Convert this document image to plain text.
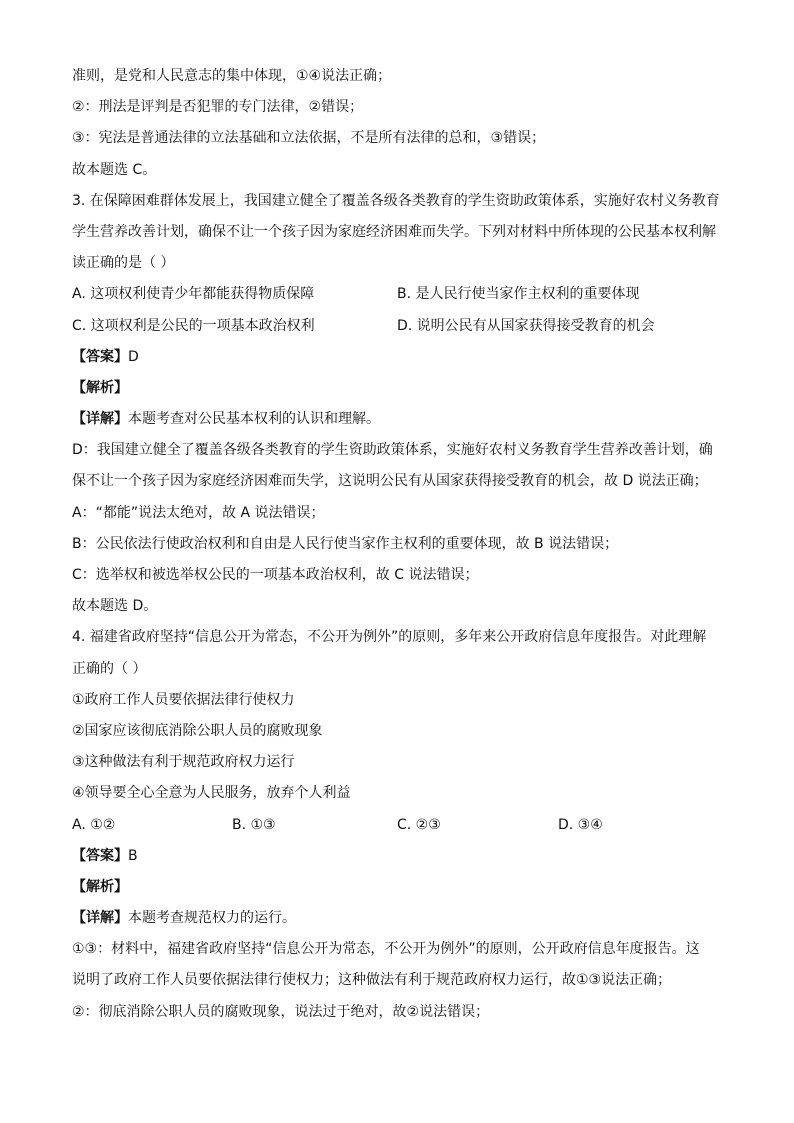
准则，是党和人民意志的集中体现，①④说法正确；
②：刑法是评判是否犯罪的专门法律，②错误；
③：宪法是普通法律的立法基础和立法依据，不是所有法律的总和，③错误；
故本题选 C。
3. 在保障困难群体发展上，我国建立健全了覆盖各级各类教育的学生资助政策体系，实施好农村义务教育
学生营养改善计划，确保不让一个孩子因为家庭经济困难而失学。下列对材料中所体现的公民基本权利解
读正确的是（ ）
A. 这项权利使青少年都能获得物质保障	B. 是人民行使当家作主权利的重要体现
C. 这项权利是公民的一项基本政治权利	D. 说明公民有从国家获得接受教育的机会
【答案】D
【解析】
【详解】本题考查对公民基本权利的认识和理解。
D：我国建立健全了覆盖各级各类教育的学生资助政策体系，实施好农村义务教育学生营养改善计划，确
保不让一个孩子因为家庭经济困难而失学，这说明公民有从国家获得接受教育的机会，故 D 说法正确；
A：“都能”说法太绝对，故 A 说法错误；
B：公民依法行使政治权利和自由是人民行使当家作主权利的重要体现，故 B 说法错误；
C：选举权和被选举权公民的一项基本政治权利，故 C 说法错误；
故本题选 D。
4. 福建省政府坚持“信息公开为常态，不公开为例外”的原则，多年来公开政府信息年度报告。对此理解
正确的（ ）
①政府工作人员要依据法律行使权力
②国家应该彻底消除公职人员的腐败现象
③这种做法有利于规范政府权力运行
④领导要全心全意为人民服务，放弃个人利益
A. ①②	B. ①③	C. ②③	D. ③④
【答案】B
【解析】
【详解】本题考查规范权力的运行。
①③：材料中，福建省政府坚持“信息公开为常态，不公开为例外”的原则，公开政府信息年度报告。这
说明了政府工作人员要依据法律行使权力；这种做法有利于规范政府权力运行，故①③说法正确；
②：彻底消除公职人员的腐败现象，说法过于绝对，故②说法错误；
